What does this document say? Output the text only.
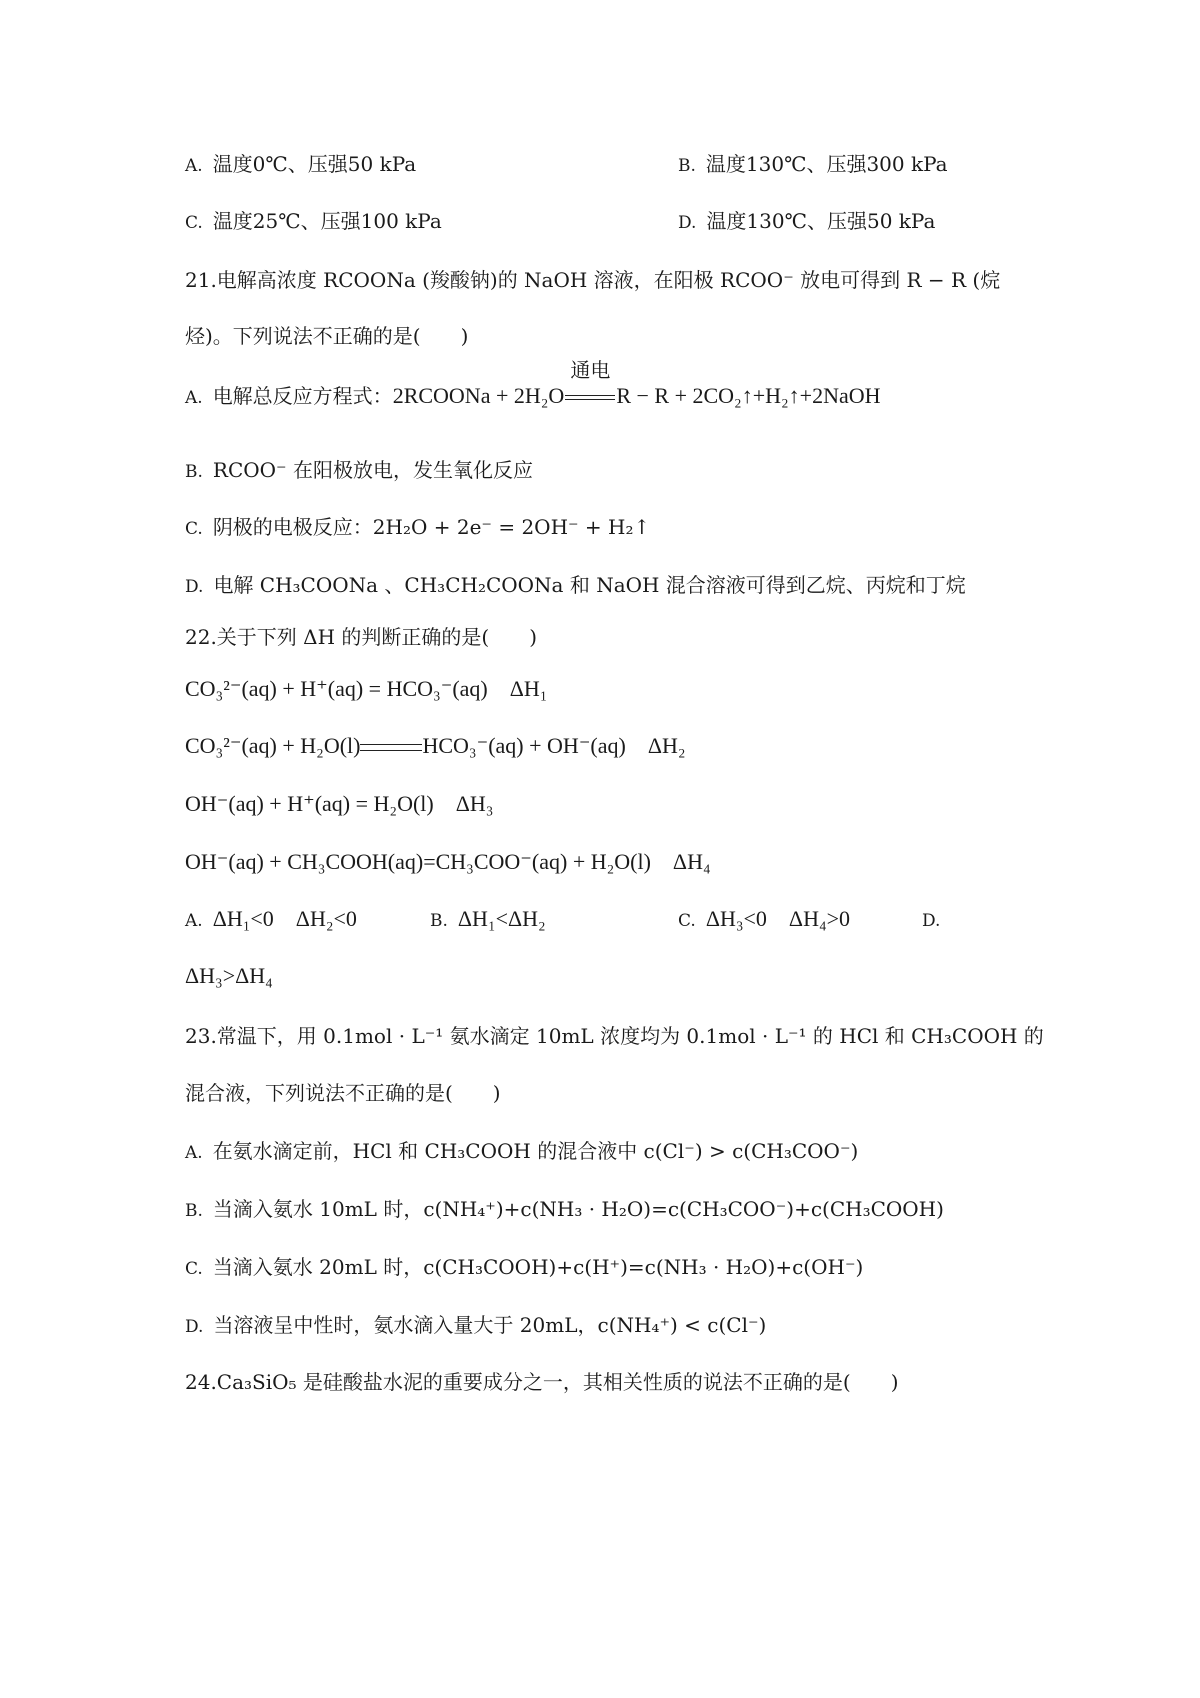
A. 温度0℃、压强50 kPa	B. 温度130℃、压强300 kPa
C. 温度25℃、压强100 kPa	D. 温度130℃、压强50 kPa
21.电解高浓度 RCOONa (羧酸钠)的 NaOH 溶液，在阳极 RCOO⁻ 放电可得到 R − R (烷
烃)。下列说法不正确的是(　　)
A. 电解总反应方程式：2RCOONa + 2H₂O
通电
R − R + 2CO₂↑+H₂↑+2NaOH
B. RCOO⁻ 在阳极放电，发生氧化反应
C. 阴极的电极反应：2H₂O + 2e⁻ = 2OH⁻ + H₂↑
D. 电解 CH₃COONa 、CH₃CH₂COONa 和 NaOH 混合溶液可得到乙烷、丙烷和丁烷
22.关于下列 ΔH 的判断正确的是(　　)
CO₃²⁻(aq) + H⁺(aq) = HCO₃⁻(aq)　ΔH₁
CO₃²⁻(aq) + H₂O(l)	HCO₃⁻(aq) + OH⁻(aq)　ΔH₂
OH⁻(aq) + H⁺(aq) = H₂O(l)　ΔH₃
OH⁻(aq) + CH₃COOH(aq)=CH₃COO⁻(aq) + H₂O(l)　ΔH₄
A. ΔH₁<0　ΔH₂<0	B. ΔH₁<ΔH₂	C. ΔH₃<0　ΔH₄>0	D.
ΔH₃>ΔH₄
23.常温下，用 0.1mol · L⁻¹ 氨水滴定 10mL 浓度均为 0.1mol · L⁻¹ 的 HCl 和 CH₃COOH 的
混合液，下列说法不正确的是(　　)
A. 在氨水滴定前，HCl 和 CH₃COOH 的混合液中 c(Cl⁻) > c(CH₃COO⁻)
B. 当滴入氨水 10mL 时，c(NH₄⁺)+c(NH₃ · H₂O)=c(CH₃COO⁻)+c(CH₃COOH)
C. 当滴入氨水 20mL 时，c(CH₃COOH)+c(H⁺)=c(NH₃ · H₂O)+c(OH⁻)
D. 当溶液呈中性时，氨水滴入量大于 20mL，c(NH₄⁺) < c(Cl⁻)
24.Ca₃SiO₅ 是硅酸盐水泥的重要成分之一，其相关性质的说法不正确的是(　　)
